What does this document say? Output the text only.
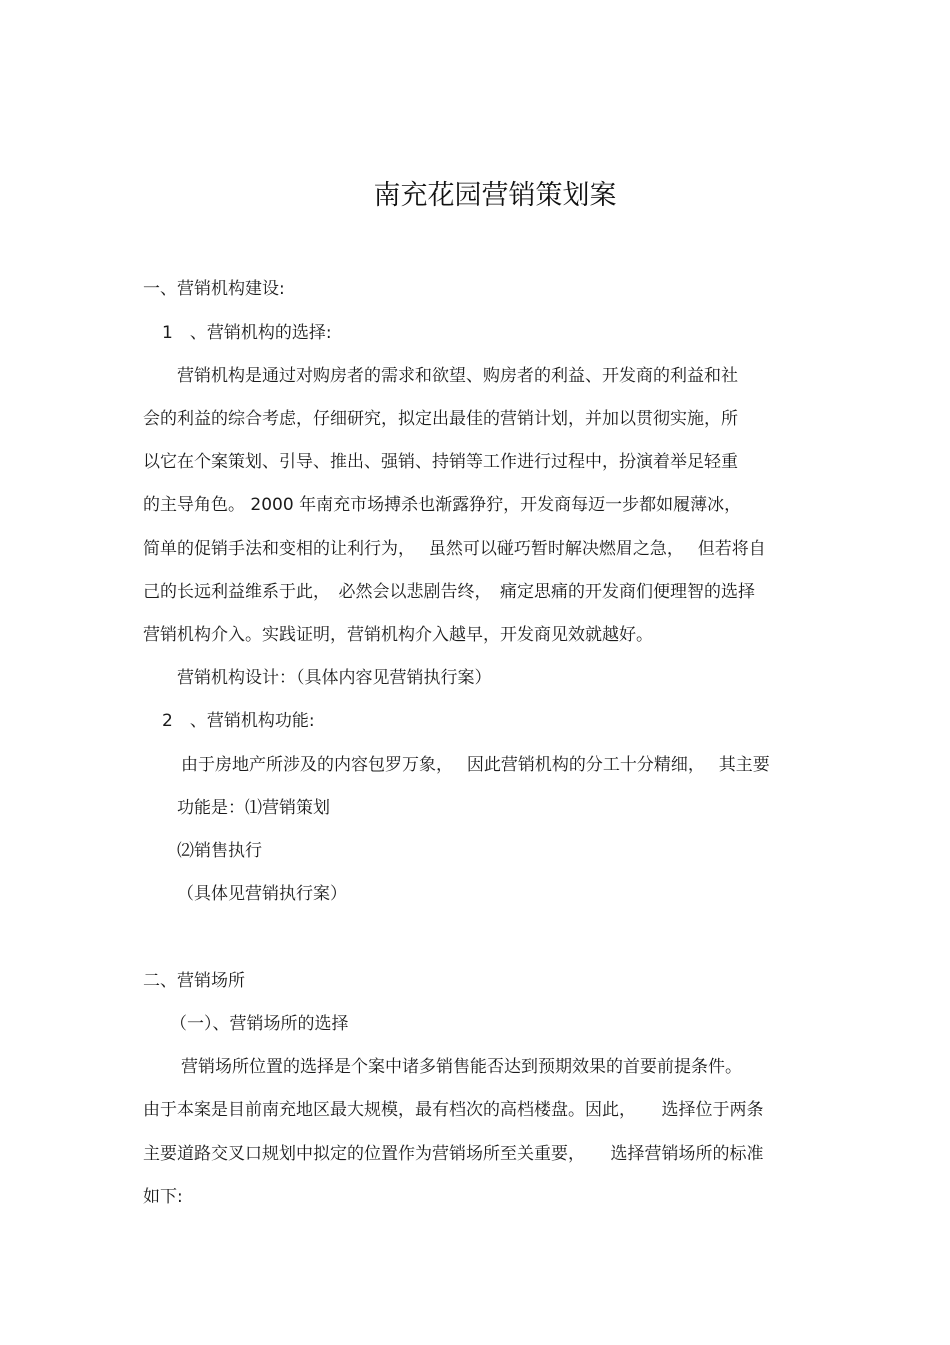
南充花园营销策划案
一、营销机构建设:
1　、营销机构的选择:
营销机构是通过对购房者的需求和欲望、购房者的利益、开发商的利益和社
会的利益的综合考虑，仔细研究，拟定出最佳的营销计划，并加以贯彻实施，所
以它在个案策划、引导、推出、强销、持销等工作进行过程中，扮演着举足轻重
的主导角色。 2000 年南充市场搏杀也渐露狰狞，开发商每迈一步都如履薄冰，
简单的促销手法和变相的让利行为，　 虽然可以碰巧暂时解决燃眉之急，　 但若将自
己的长远利益维系于此，　必然会以悲剧告终，　痛定思痛的开发商们便理智的选择
营销机构介入。实践证明，营销机构介入越早，开发商见效就越好。
营销机构设计：（具体内容见营销执行案）
2　、营销机构功能:
由于房地产所涉及的内容包罗万象，　 因此营销机构的分工十分精细，　 其主要
功能是：⑴营销策划
⑵销售执行
（具体见营销执行案）
二、营销场所
（一）、营销场所的选择
营销场所位置的选择是个案中诸多销售能否达到预期效果的首要前提条件。
由于本案是目前南充地区最大规模，最有档次的高档楼盘。因此，　　选择位于两条
主要道路交叉口规划中拟定的位置作为营销场所至关重要，　　选择营销场所的标准
如下:
